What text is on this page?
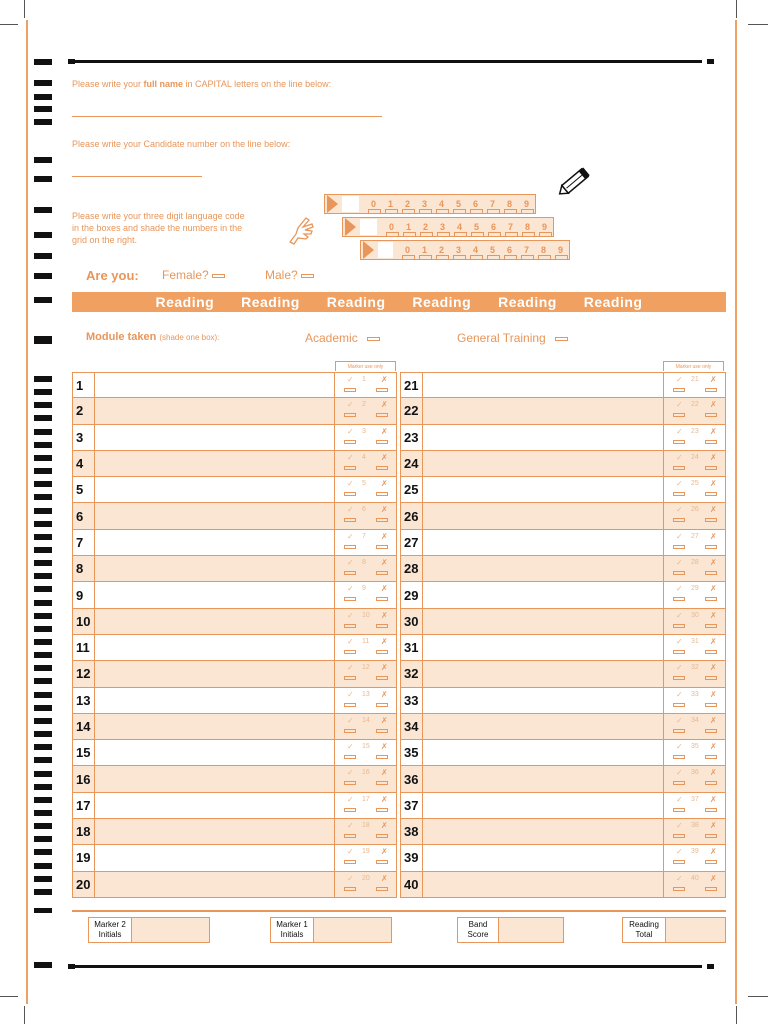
Please write your full name in CAPITAL letters on the line below:
Please write your Candidate number on the line below:
Please write your three digit language code
in the boxes and shade the numbers in the
grid on the right.
0	1	2	3	4	5	6	7	8	9
0	1	2	3	4	5	6	7	8	9
0	1	2	3	4	5	6	7	8	9
Are you: Female?	Male?
Reading Reading Reading Reading Reading Reading
Module taken (shade one box):	Academic	General Training
Marker use only	Marker use only
1	✓ 1 ✗
2	✓ 2 ✗
3	✓ 3 ✗
4	✓ 4 ✗
5	✓ 5 ✗
6	✓ 6 ✗
7	✓ 7 ✗
8	✓ 8 ✗
9	✓ 9 ✗
10	✓ 10 ✗
11	✓ 11 ✗
12	✓ 12 ✗
13	✓ 13 ✗
14	✓ 14 ✗
15	✓ 15 ✗
16	✓ 16 ✗
17	✓ 17 ✗
18	✓ 18 ✗
19	✓ 19 ✗
20	✓ 20 ✗
21	✓ 21 ✗
22	✓ 22 ✗
23	✓ 23 ✗
24	✓ 24 ✗
25	✓ 25 ✗
26	✓ 26 ✗
27	✓ 27 ✗
28	✓ 28 ✗
29	✓ 29 ✗
30	✓ 30 ✗
31	✓ 31 ✗
32	✓ 32 ✗
33	✓ 33 ✗
34	✓ 34 ✗
35	✓ 35 ✗
36	✓ 36 ✗
37	✓ 37 ✗
38	✓ 38 ✗
39	✓ 39 ✗
40	✓ 40 ✗
Marker 2
Initials
Marker 1
Initials
Band
Score
Reading
Total
